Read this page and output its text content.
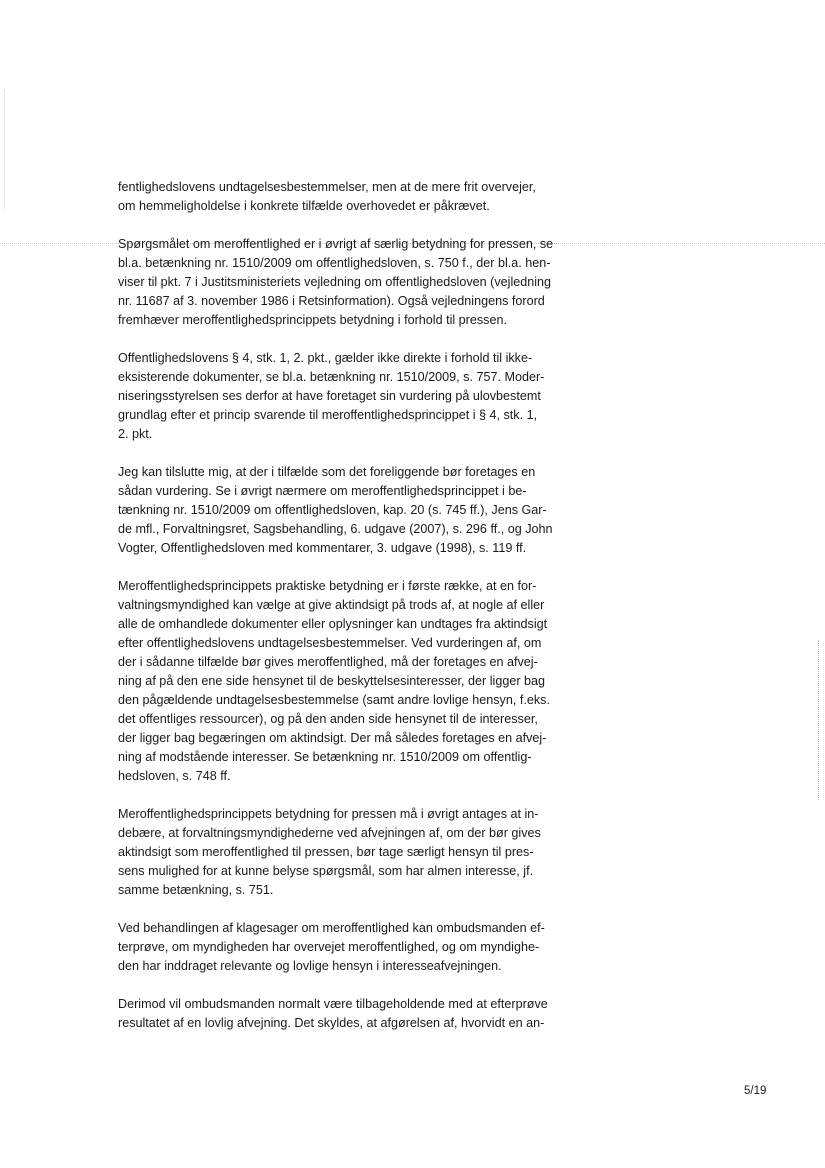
fentlighedslovens undtagelsesbestemmelser, men at de mere frit overvejer,
om hemmeligholdelse i konkrete tilfælde overhovedet er påkrævet.

Spørgsmålet om meroffentlighed er i øvrigt af særlig betydning for pressen, se
bl.a. betænkning nr. 1510/2009 om offentlighedsloven, s. 750 f., der bl.a. hen-
viser til pkt. 7 i Justitsministeriets vejledning om offentlighedsloven (vejledning
nr. 11687 af 3. november 1986 i Retsinformation). Også vejledningens forord
fremhæver meroffentlighedsprincippets betydning i forhold til pressen.

Offentlighedslovens § 4, stk. 1, 2. pkt., gælder ikke direkte i forhold til ikke-
eksisterende dokumenter, se bl.a. betænkning nr. 1510/2009, s. 757. Moder-
niseringsstyrelsen ses derfor at have foretaget sin vurdering på ulovbestemt
grundlag efter et princip svarende til meroffentlighedsprincippet i § 4, stk. 1,
2. pkt.

Jeg kan tilslutte mig, at der i tilfælde som det foreliggende bør foretages en
sådan vurdering. Se i øvrigt nærmere om meroffentlighedsprincippet i be-
tænkning nr. 1510/2009 om offentlighedsloven, kap. 20 (s. 745 ff.), Jens Gar-
de mfl., Forvaltningsret, Sagsbehandling, 6. udgave (2007), s. 296 ff., og John
Vogter, Offentlighedsloven med kommentarer, 3. udgave (1998), s. 119 ff.

Meroffentlighedsprincippets praktiske betydning er i første række, at en for-
valtningsmyndighed kan vælge at give aktindsigt på trods af, at nogle af eller
alle de omhandlede dokumenter eller oplysninger kan undtages fra aktindsigt
efter offentlighedslovens undtagelsesbestemmelser. Ved vurderingen af, om
der i sådanne tilfælde bør gives meroffentlighed, må der foretages en afvej-
ning af på den ene side hensynet til de beskyttelsesinteresser, der ligger bag
den pågældende undtagelsesbestemmelse (samt andre lovlige hensyn, f.eks.
det offentliges ressourcer), og på den anden side hensynet til de interesser,
der ligger bag begæringen om aktindsigt. Der må således foretages en afvej-
ning af modstående interesser. Se betænkning nr. 1510/2009 om offentlig-
hedsloven, s. 748 ff.

Meroffentlighedsprincippets betydning for pressen må i øvrigt antages at in-
debære, at forvaltningsmyndighederne ved afvejningen af, om der bør gives
aktindsigt som meroffentlighed til pressen, bør tage særligt hensyn til pres-
sens mulighed for at kunne belyse spørgsmål, som har almen interesse, jf.
samme betænkning, s. 751.

Ved behandlingen af klagesager om meroffentlighed kan ombudsmanden ef-
terprøve, om myndigheden har overvejet meroffentlighed, og om myndighe-
den har inddraget relevante og lovlige hensyn i interesseafvejningen.

Derimod vil ombudsmanden normalt være tilbageholdende med at efterprøve
resultatet af en lovlig afvejning. Det skyldes, at afgørelsen af, hvorvidt en an-

5/19
